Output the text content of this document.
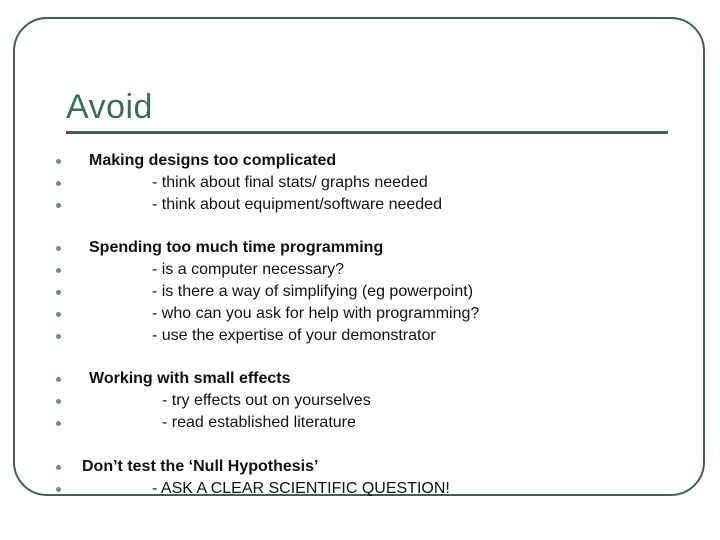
Avoid
Making designs too complicated
- think about final stats/ graphs needed
- think about equipment/software needed
Spending too much time programming
- is a computer necessary?
- is there a way of simplifying (eg powerpoint)
- who can you ask for help with programming?
- use the expertise of your demonstrator
Working with small effects
- try effects out on yourselves
- read established literature
Don’t test the ‘Null Hypothesis’
- ASK A CLEAR SCIENTIFIC QUESTION!
